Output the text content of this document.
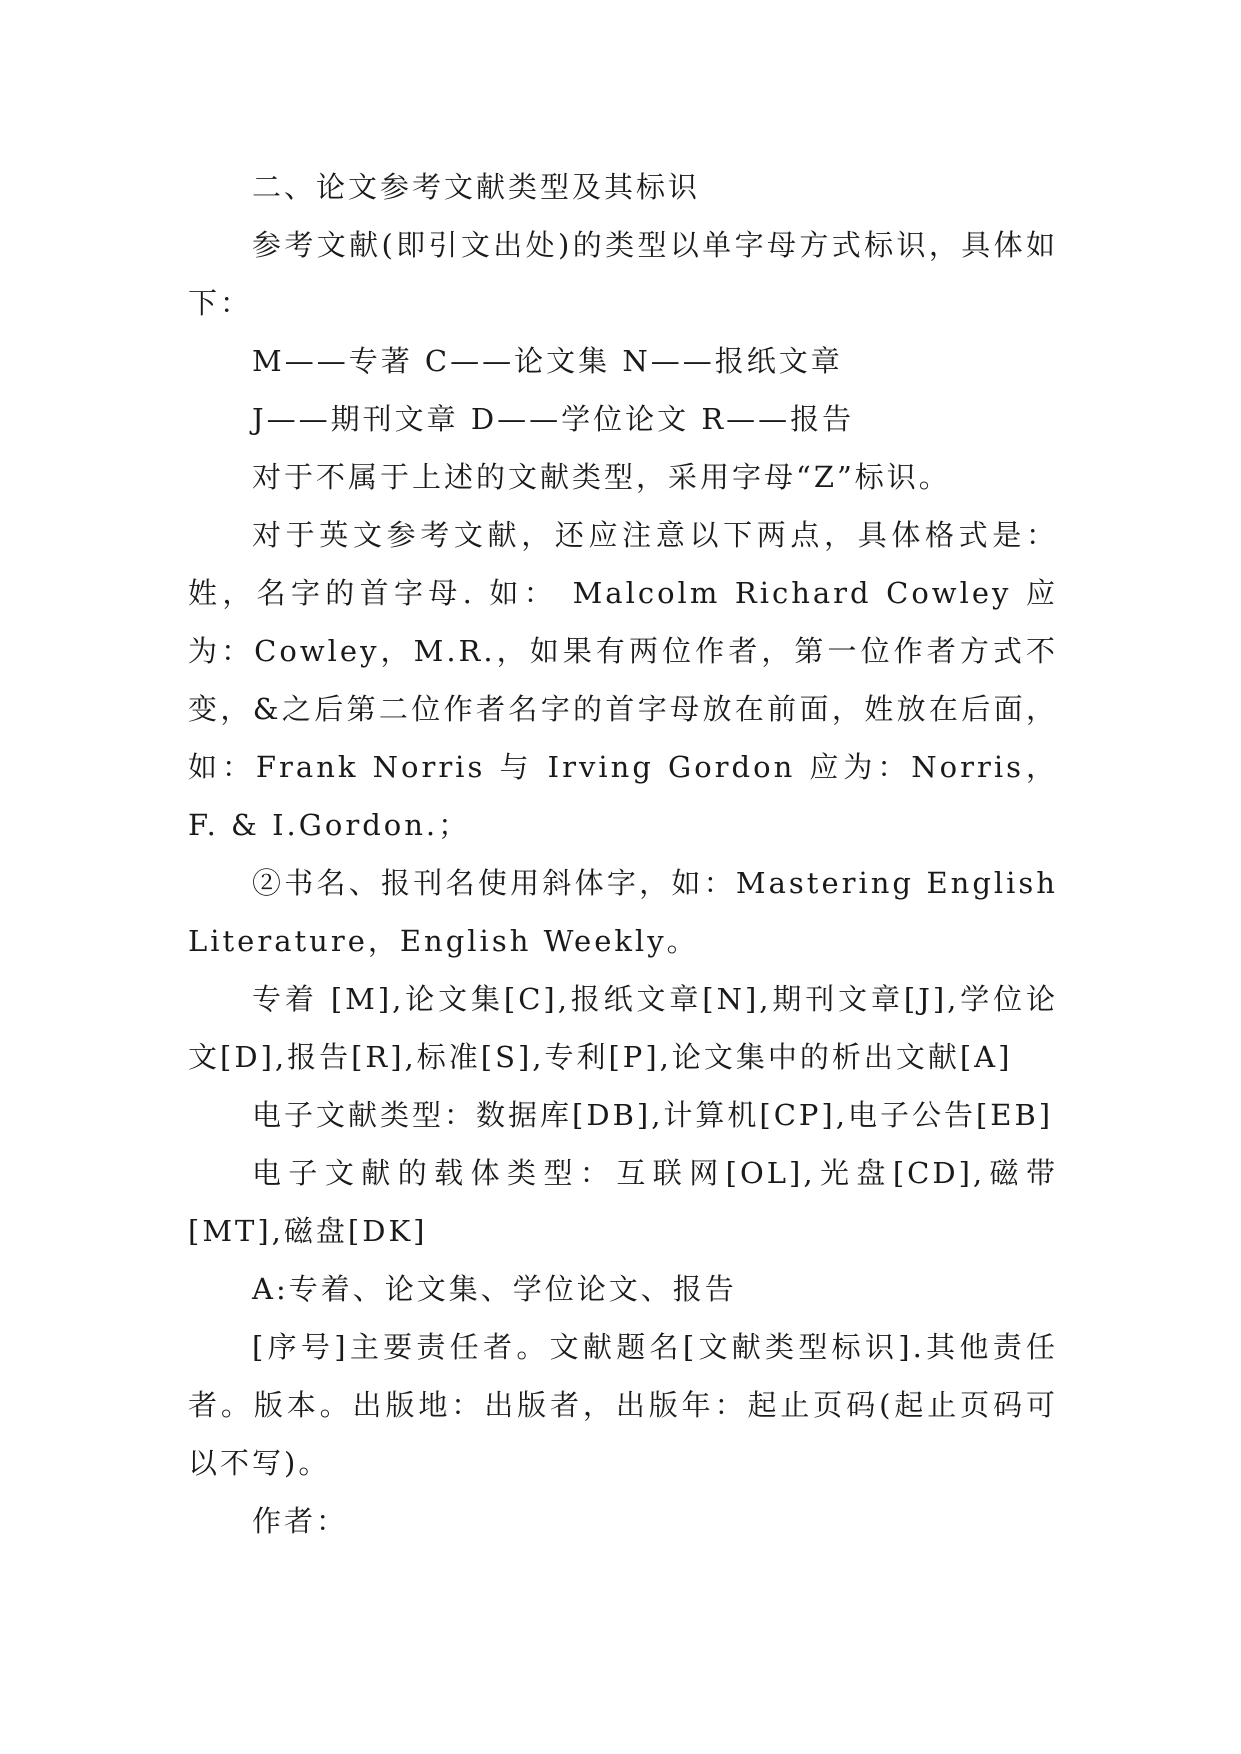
二、论文参考文献类型及其标识

参考文献(即引文出处)的类型以单字母方式标识，具体如下：

M——专著 C——论文集 N——报纸文章

J——期刊文章 D——学位论文 R——报告

对于不属于上述的文献类型，采用字母“Z”标识。

对于英文参考文献，还应注意以下两点，具体格式是：姓，名字的首字母. 如： Malcolm Richard Cowley 应为：Cowley，M.R.，如果有两位作者，第一位作者方式不变，&之后第二位作者名字的首字母放在前面，姓放在后面，如：Frank Norris 与 Irving Gordon 应为：Norris， F. & I.Gordon.；

②书名、报刊名使用斜体字，如：Mastering English Literature，English Weekly。

专着 [M],论文集[C],报纸文章[N],期刊文章[J],学位论文[D],报告[R],标准[S],专利[P],论文集中的析出文献[A]

电子文献类型：数据库[DB],计算机[CP],电子公告[EB]

电子文献的载体类型：互联网[OL],光盘[CD],磁带[MT],磁盘[DK]

A:专着、论文集、学位论文、报告

[序号]主要责任者。文献题名[文献类型标识].其他责任者。版本。出版地：出版者，出版年：起止页码(起止页码可以不写)。

作者：
